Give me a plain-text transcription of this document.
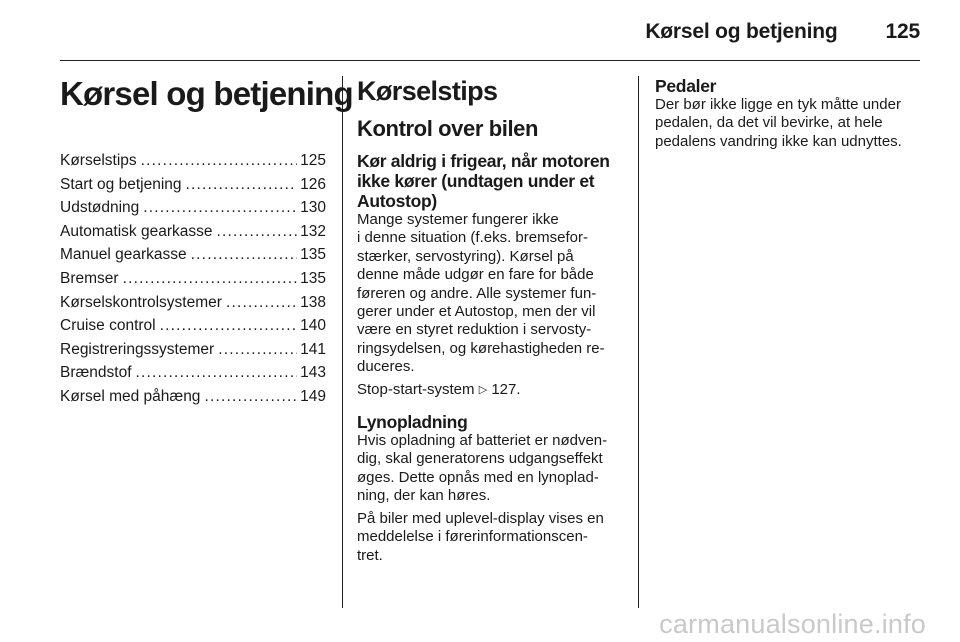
Kørsel og betjening 125
Kørsel og betjening
Kørselstips .....	125
Start og betjening .....	126
Udstødning .....	130
Automatisk gearkasse .....	132
Manuel gearkasse .....	135
Bremser .....	135
Kørselskontrolsystemer .....	138
Cruise control .....	140
Registreringssystemer .....	141
Brændstof .....	143
Kørsel med påhæng .....	149
Kørselstips
Kontrol over bilen
Kør aldrig i frigear, når motoren
ikke kører (undtagen under et
Autostop)

Mange systemer fungerer ikke
i denne situation (f.eks. bremsefor-
stærker, servostyring). Kørsel på
denne måde udgør en fare for både
føreren og andre. Alle systemer fun-
gerer under et Autostop, men der vil
være en styret reduktion i servosty-
ringsydelsen, og kørehastigheden re-
duceres.

Stop-start-system ▷ 127.

Lynopladning

Hvis opladning af batteriet er nødven-
dig, skal generatorens udgangseffekt
øges. Dette opnås med en lynoplad-
ning, der kan høres.

På biler med uplevel-display vises en
meddelelse i førerinformationscen-
tret.

Pedaler

Der bør ikke ligge en tyk måtte under
pedalen, da det vil bevirke, at hele
pedalens vandring ikke kan udnyttes.

carmanualsonline.info
